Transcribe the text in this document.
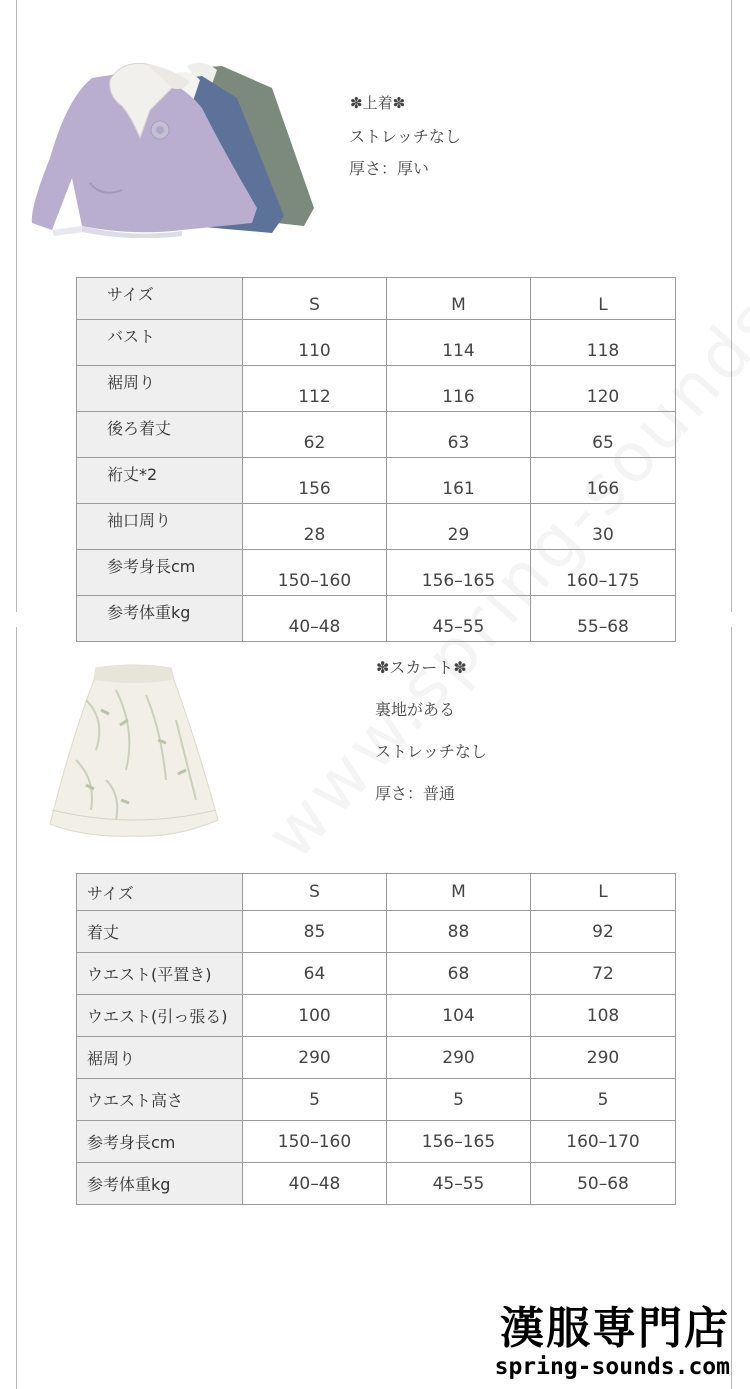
✽上着✽
ストレッチなし
厚さ：厚い
サイズ	S	M	L
バスト	110	114	118
裾周り	112	116	120
後ろ着丈	62	63	65
裄丈*2	156	161	166
袖口周り	28	29	30
参考身長cm	150–160	156–165	160–175
参考体重kg	40–48	45–55	55–68
✽スカート✽
裏地がある
ストレッチなし
厚さ：普通
サイズ	S	M	L
着丈	85	88	92
ウエスト(平置き)	64	68	72
ウエスト(引っ張る)	100	104	108
裾周り	290	290	290
ウエスト高さ	5	5	5
参考身長cm	150–160	156–165	160–170
参考体重kg	40–48	45–55	50–68
漢服専門店
spring-sounds.com
